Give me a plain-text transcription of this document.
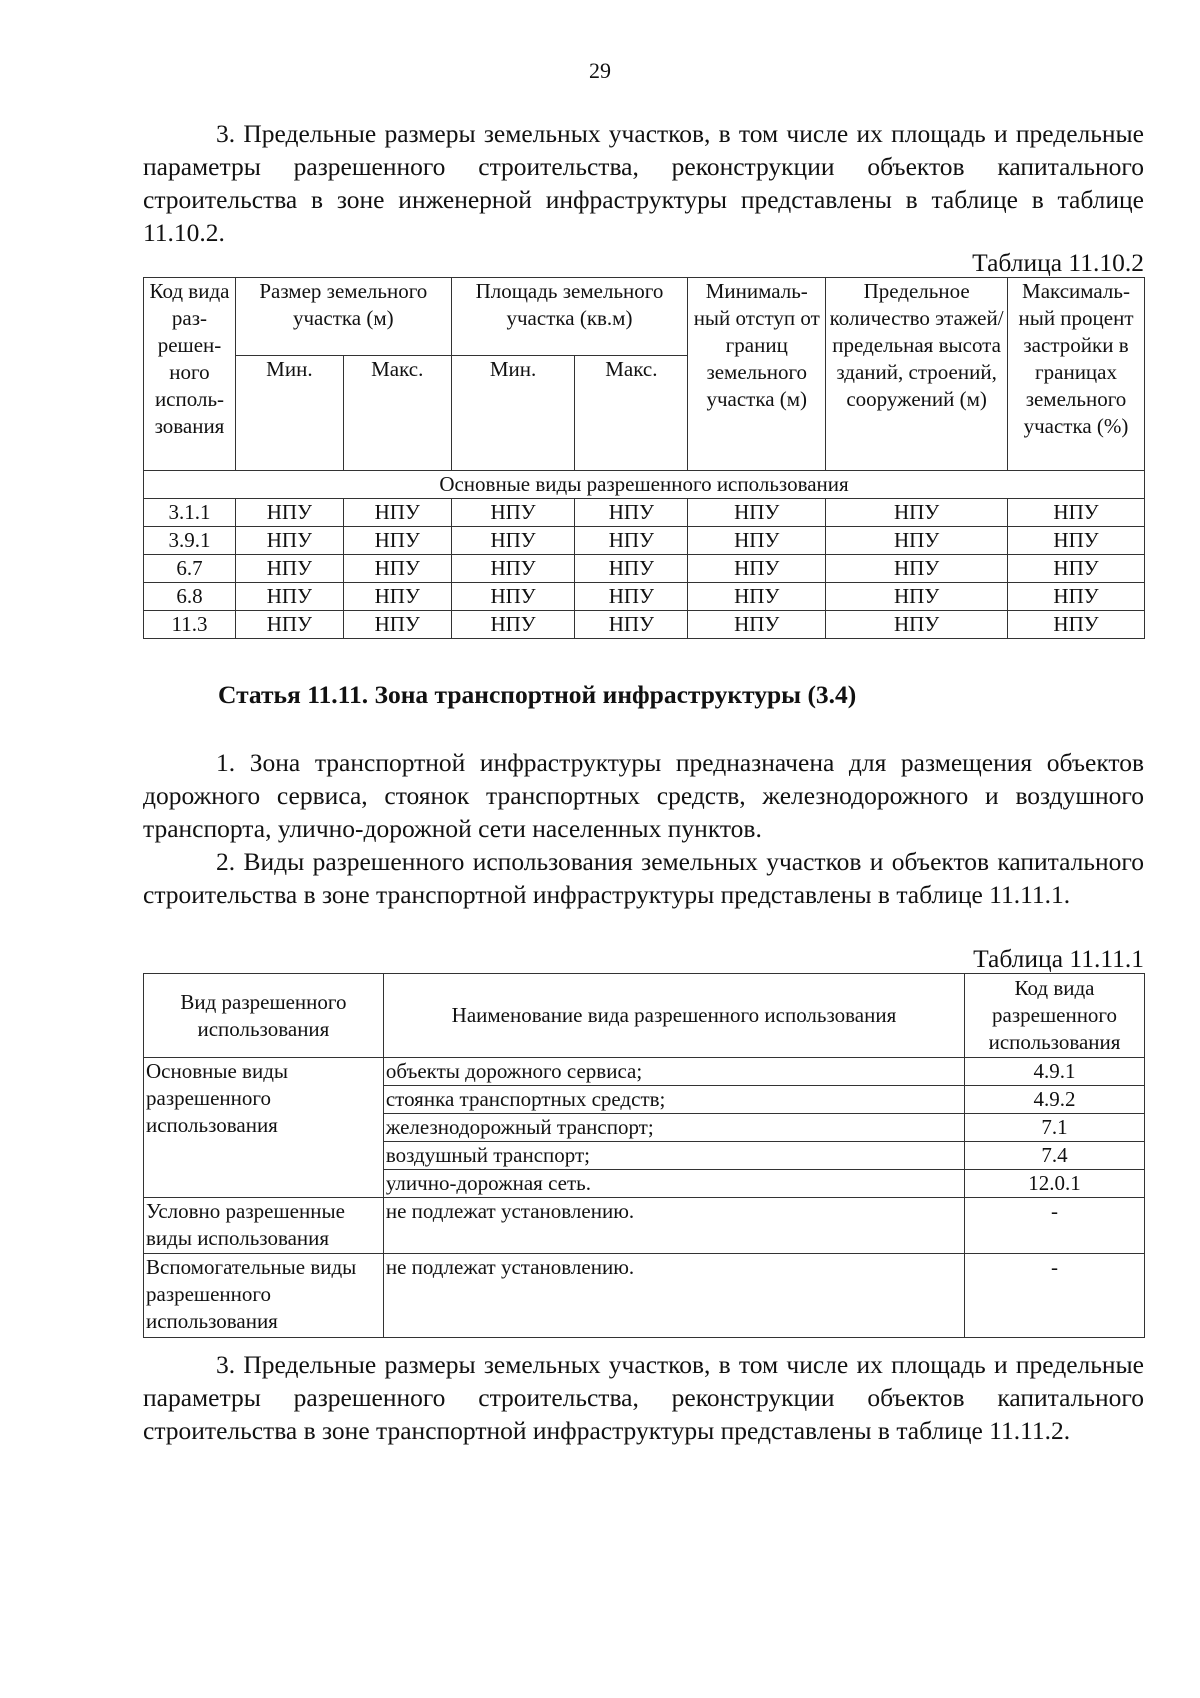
29
3. Предельные размеры земельных участков, в том числе их площадь и предельные параметры разрешенного строительства, реконструкции объектов капитального строительства в зоне инженерной инфраструктуры представлены в таблице в таблице 11.10.2.
Таблица 11.10.2
Код вида раз-решен-ного исполь-зования	Размер земельного участка (м)		Площадь земельного участка (кв.м)		Минималь-ный отступ от границ земельного участка (м)	Предельное количество этажей/ предельная высота зданий, строений, сооружений (м)	Максималь-ный процент застройки в границах земельного участка (%)
	Мин.	Макс.	Мин.	Макс.			
Основные виды разрешенного использования							
3.1.1	НПУ	НПУ	НПУ	НПУ	НПУ	НПУ	НПУ
3.9.1	НПУ	НПУ	НПУ	НПУ	НПУ	НПУ	НПУ
6.7	НПУ	НПУ	НПУ	НПУ	НПУ	НПУ	НПУ
6.8	НПУ	НПУ	НПУ	НПУ	НПУ	НПУ	НПУ
11.3	НПУ	НПУ	НПУ	НПУ	НПУ	НПУ	НПУ
Статья 11.11. Зона транспортной инфраструктуры (3.4)
1. Зона транспортной инфраструктуры предназначена для размещения объектов дорожного сервиса, стоянок транспортных средств, железнодорожного и воздушного транспорта, улично-дорожной сети населенных пунктов.
2. Виды разрешенного использования земельных участков и объектов капитального строительства в зоне транспортной инфраструктуры представлены в таблице 11.11.1.
Таблица 11.11.1
Вид разрешенного использования	Наименование вида разрешенного использования	Код вида разрешенного использования
Основные виды разрешенного использования	объекты дорожного сервиса;	4.9.1
	стоянка транспортных средств;	4.9.2
	железнодорожный транспорт;	7.1
	воздушный транспорт;	7.4
	улично-дорожная сеть.	12.0.1
Условно разрешенные виды использования	не подлежат установлению.	-
Вспомогательные виды разрешенного использования	не подлежат установлению.	-
3. Предельные размеры земельных участков, в том числе их площадь и предельные параметры разрешенного строительства, реконструкции объектов капитального строительства в зоне транспортной инфраструктуры представлены в таблице 11.11.2.
